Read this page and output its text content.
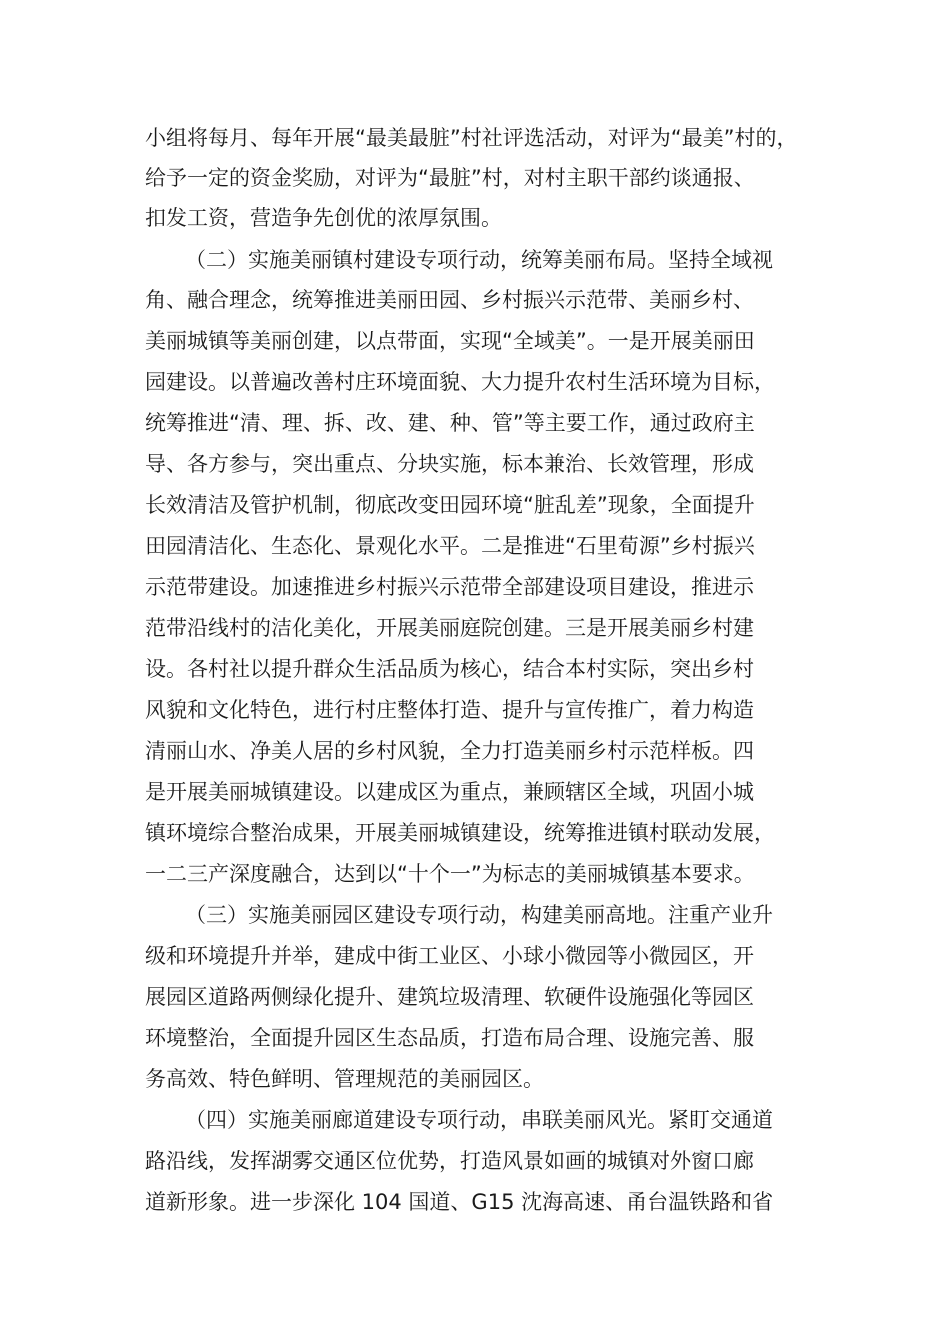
小组将每月、每年开展“最美最脏”村社评选活动，对评为“最美”村的，
给予一定的资金奖励，对评为“最脏”村，对村主职干部约谈通报、
扣发工资，营造争先创优的浓厚氛围。
（二）实施美丽镇村建设专项行动，统筹美丽布局。坚持全域视
角、融合理念，统筹推进美丽田园、乡村振兴示范带、美丽乡村、
美丽城镇等美丽创建，以点带面，实现“全域美”。一是开展美丽田
园建设。以普遍改善村庄环境面貌、大力提升农村生活环境为目标，
统筹推进“清、理、拆、改、建、种、管”等主要工作，通过政府主
导、各方参与，突出重点、分块实施，标本兼治、长效管理，形成
长效清洁及管护机制，彻底改变田园环境“脏乱差”现象，全面提升
田园清洁化、生态化、景观化水平。二是推进“石里荀源”乡村振兴
示范带建设。加速推进乡村振兴示范带全部建设项目建设，推进示
范带沿线村的洁化美化，开展美丽庭院创建。三是开展美丽乡村建
设。各村社以提升群众生活品质为核心，结合本村实际，突出乡村
风貌和文化特色，进行村庄整体打造、提升与宣传推广，着力构造
清丽山水、净美人居的乡村风貌，全力打造美丽乡村示范样板。四
是开展美丽城镇建设。以建成区为重点，兼顾辖区全域，巩固小城
镇环境综合整治成果，开展美丽城镇建设，统筹推进镇村联动发展，
一二三产深度融合，达到以“十个一”为标志的美丽城镇基本要求。
（三）实施美丽园区建设专项行动，构建美丽高地。注重产业升
级和环境提升并举，建成中街工业区、小球小微园等小微园区，开
展园区道路两侧绿化提升、建筑垃圾清理、软硬件设施强化等园区
环境整治，全面提升园区生态品质，打造布局合理、设施完善、服
务高效、特色鲜明、管理规范的美丽园区。
（四）实施美丽廊道建设专项行动，串联美丽风光。紧盯交通道
路沿线，发挥湖雾交通区位优势，打造风景如画的城镇对外窗口廊
道新形象。进一步深化 104 国道、G15 沈海高速、甬台温铁路和省
